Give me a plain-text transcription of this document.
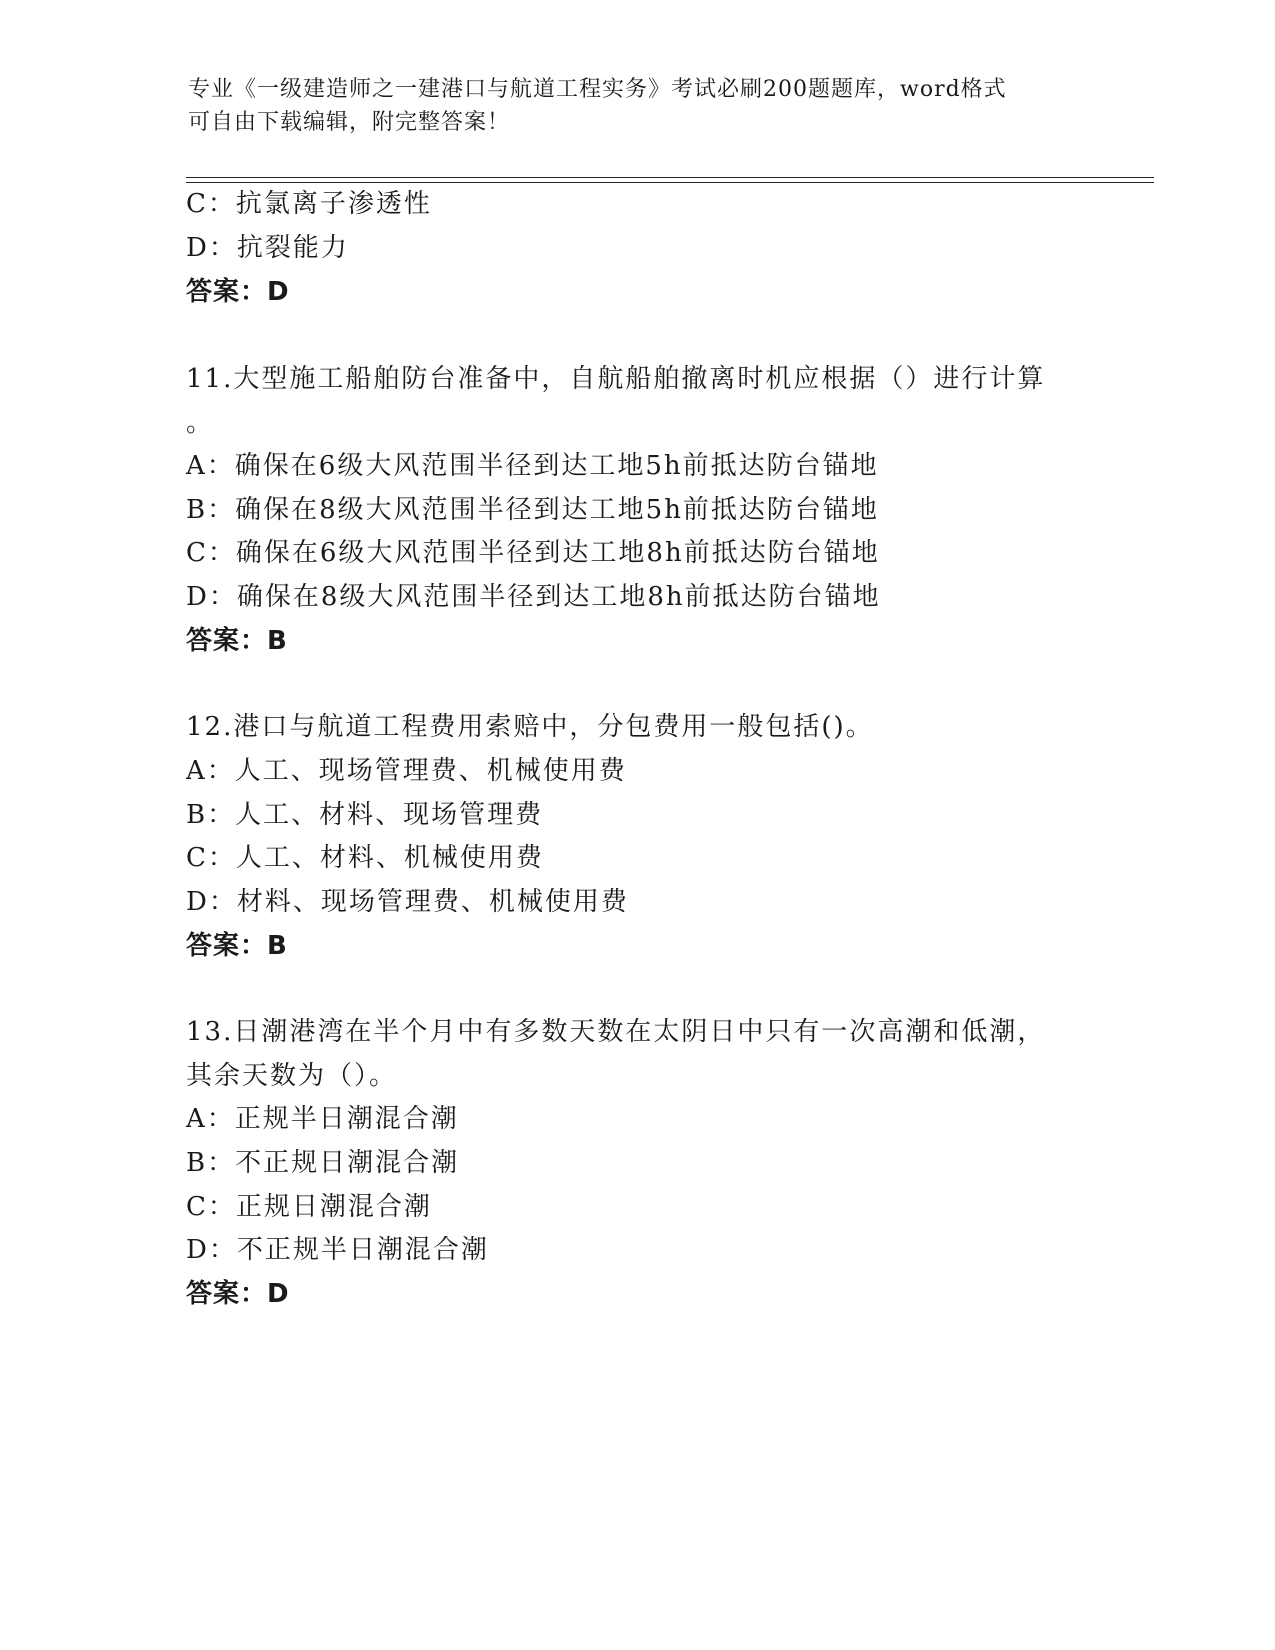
专业《一级建造师之一建港口与航道工程实务》考试必刷200题题库，word格式
可自由下载编辑，附完整答案！
C：抗氯离子渗透性
D：抗裂能力
答案：D
11.大型施工船舶防台准备中，自航船舶撤离时机应根据（）进行计算
。
A：确保在6级大风范围半径到达工地5h前抵达防台锚地
B：确保在8级大风范围半径到达工地5h前抵达防台锚地
C：确保在6级大风范围半径到达工地8h前抵达防台锚地
D：确保在8级大风范围半径到达工地8h前抵达防台锚地
答案：B
12.港口与航道工程费用索赔中，分包费用一般包括()。
A：人工、现场管理费、机械使用费
B：人工、材料、现场管理费
C：人工、材料、机械使用费
D：材料、现场管理费、机械使用费
答案：B
13.日潮港湾在半个月中有多数天数在太阴日中只有一次高潮和低潮，
其余天数为（）。
A：正规半日潮混合潮
B：不正规日潮混合潮
C：正规日潮混合潮
D：不正规半日潮混合潮
答案：D
